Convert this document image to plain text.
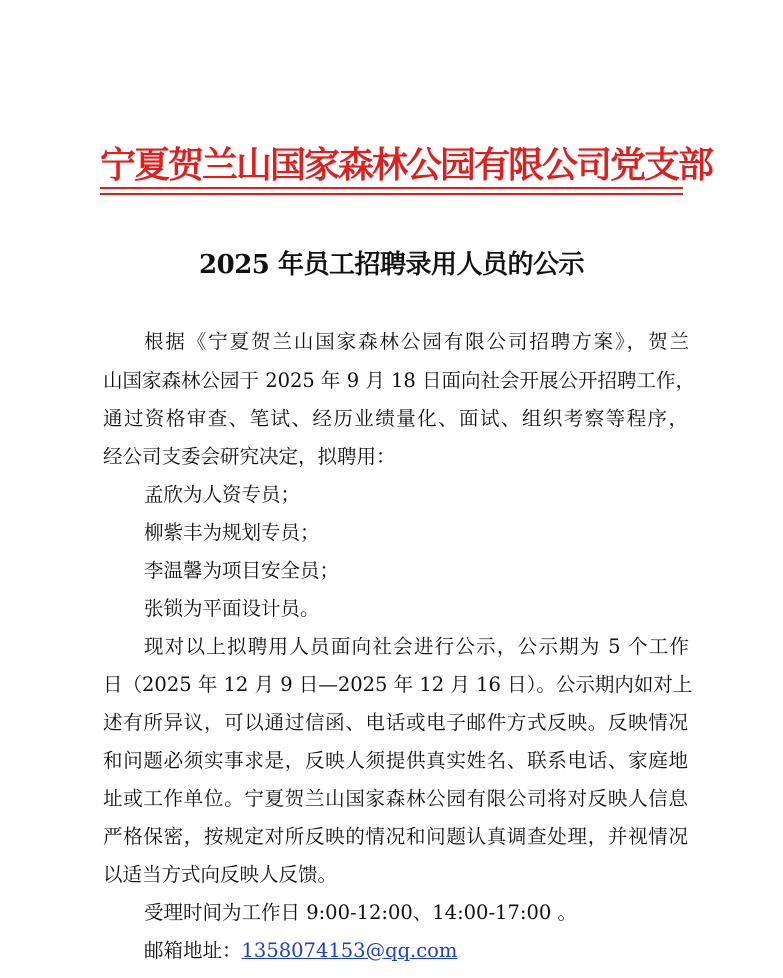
宁夏贺兰山国家森林公园有限公司党支部
2025 年员工招聘录用人员的公示
根据《宁夏贺兰山国家森林公园有限公司招聘方案》，贺兰
山国家森林公园于 2025 年 9 月 18 日面向社会开展公开招聘工作，
通过资格审查、笔试、经历业绩量化、面试、组织考察等程序，
经公司支委会研究决定，拟聘用：
孟欣为人资专员；
柳紫丰为规划专员；
李温馨为项目安全员；
张锁为平面设计员。
现对以上拟聘用人员面向社会进行公示，公示期为 5 个工作
日（2025 年 12 月 9 日—2025 年 12 月 16 日）。公示期内如对上
述有所异议，可以通过信函、电话或电子邮件方式反映。反映情况
和问题必须实事求是，反映人须提供真实姓名、联系电话、家庭地
址或工作单位。宁夏贺兰山国家森林公园有限公司将对反映人信息
严格保密，按规定对所反映的情况和问题认真调查处理，并视情况
以适当方式向反映人反馈。
受理时间为工作日 9:00-12:00、14:00-17:00 。
邮箱地址：1358074153@qq.com
